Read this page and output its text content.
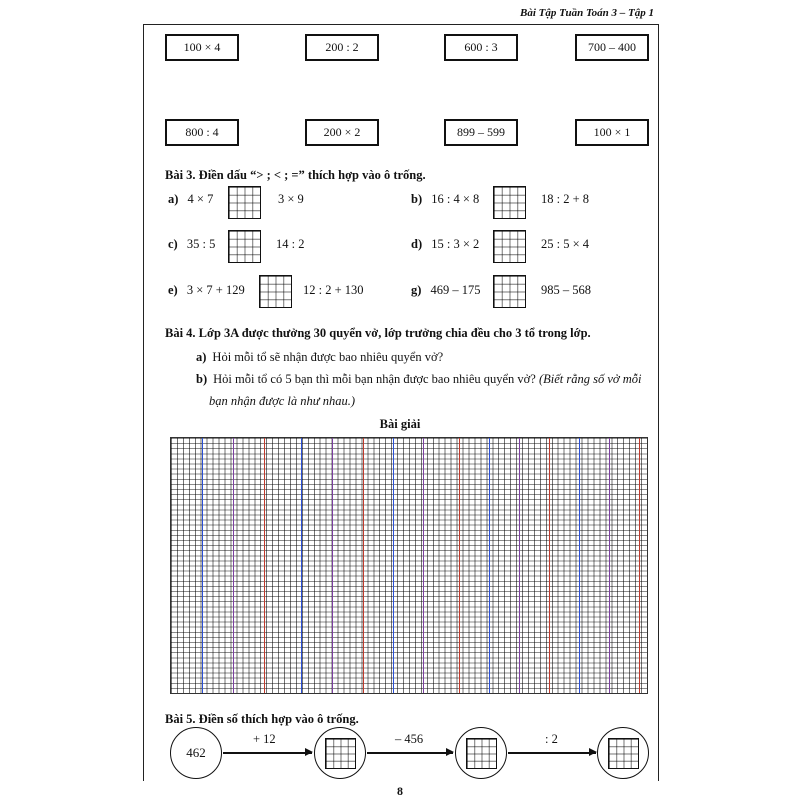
Bài Tập Tuần Toán 3 – Tập 1
100 × 4	200 : 2	600 : 3	700 – 400
800 : 4	200 × 2	899 – 599	100 × 1
Bài 3. Điền dấu “> ; < ; =” thích hợp vào ô trống.
a) 4 × 7	3 × 9	b) 16 : 4 × 8	18 : 2 + 8
c) 35 : 5	14 : 2	d) 15 : 3 × 2	25 : 5 × 4
e) 3 × 7 + 129	12 : 2 + 130	g) 469 – 175	985 – 568
Bài 4. Lớp 3A được thưởng 30 quyển vở, lớp trưởng chia đều cho 3 tổ trong lớp.
a) Hỏi mỗi tổ sẽ nhận được bao nhiêu quyển vở?
b) Hỏi mỗi tổ có 5 bạn thì mỗi bạn nhận được bao nhiêu quyển vở? (Biết rằng số vở mỗi
bạn nhận được là như nhau.)
Bài giải
Bài 5. Điền số thích hợp vào ô trống.
462
+ 12	– 456	: 2
8
